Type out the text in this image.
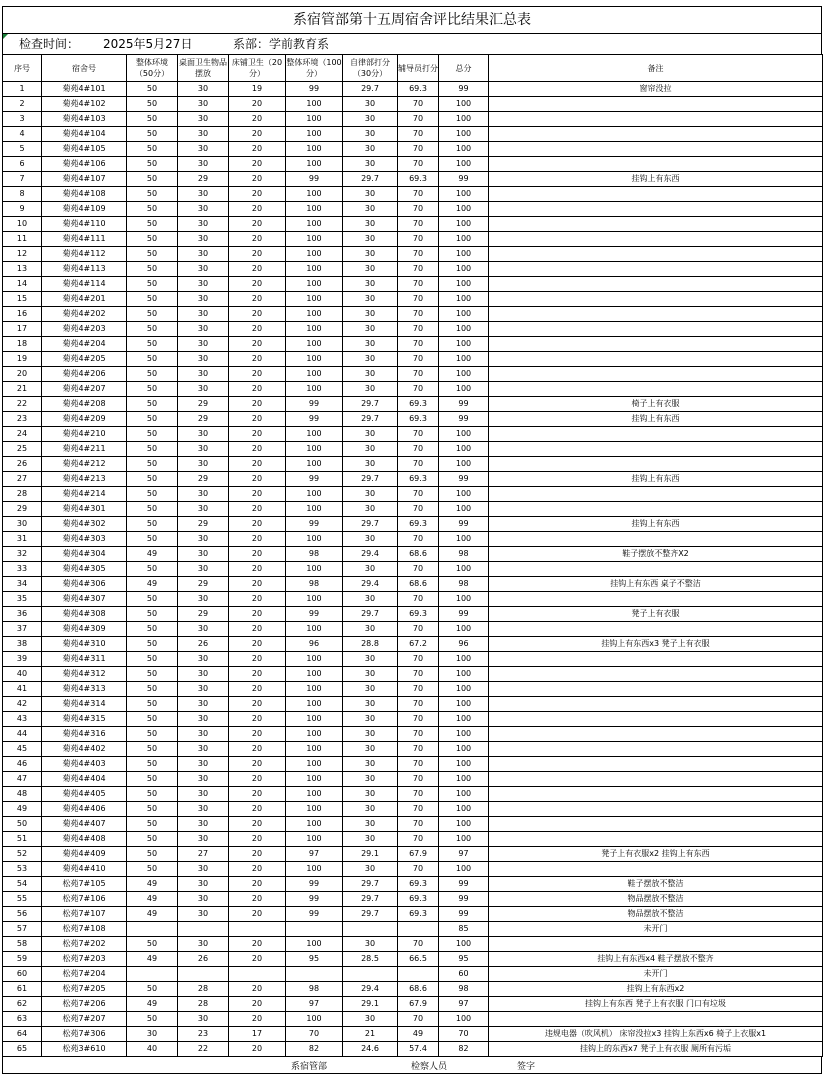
系宿管部第十五周宿舍评比结果汇总表
检查时间： 2025年5月27日	系部：学前教育系
序号	宿舍号	整体环境（50分）	桌面卫生物品摆放	床铺卫生（20分）	整体环境（100分）	自律部打分（30分）	辅导员打分	总分	备注
1	菊苑4#101	50	30	19	99	29.7	69.3	99	窗帘没拉
2	菊苑4#102	50	30	20	100	30	70	100	
3	菊苑4#103	50	30	20	100	30	70	100	
4	菊苑4#104	50	30	20	100	30	70	100	
5	菊苑4#105	50	30	20	100	30	70	100	
6	菊苑4#106	50	30	20	100	30	70	100	
7	菊苑4#107	50	29	20	99	29.7	69.3	99	挂钩上有东西
8	菊苑4#108	50	30	20	100	30	70	100	
9	菊苑4#109	50	30	20	100	30	70	100	
10	菊苑4#110	50	30	20	100	30	70	100	
11	菊苑4#111	50	30	20	100	30	70	100	
12	菊苑4#112	50	30	20	100	30	70	100	
13	菊苑4#113	50	30	20	100	30	70	100	
14	菊苑4#114	50	30	20	100	30	70	100	
15	菊苑4#201	50	30	20	100	30	70	100	
16	菊苑4#202	50	30	20	100	30	70	100	
17	菊苑4#203	50	30	20	100	30	70	100	
18	菊苑4#204	50	30	20	100	30	70	100	
19	菊苑4#205	50	30	20	100	30	70	100	
20	菊苑4#206	50	30	20	100	30	70	100	
21	菊苑4#207	50	30	20	100	30	70	100	
22	菊苑4#208	50	29	20	99	29.7	69.3	99	椅子上有衣服
23	菊苑4#209	50	29	20	99	29.7	69.3	99	挂钩上有东西
24	菊苑4#210	50	30	20	100	30	70	100	
25	菊苑4#211	50	30	20	100	30	70	100	
26	菊苑4#212	50	30	20	100	30	70	100	
27	菊苑4#213	50	29	20	99	29.7	69.3	99	挂钩上有东西
28	菊苑4#214	50	30	20	100	30	70	100	
29	菊苑4#301	50	30	20	100	30	70	100	
30	菊苑4#302	50	29	20	99	29.7	69.3	99	挂钩上有东西
31	菊苑4#303	50	30	20	100	30	70	100	
32	菊苑4#304	49	30	20	98	29.4	68.6	98	鞋子摆放不整齐X2
33	菊苑4#305	50	30	20	100	30	70	100	
34	菊苑4#306	49	29	20	98	29.4	68.6	98	挂钩上有东西 桌子不整洁
35	菊苑4#307	50	30	20	100	30	70	100	
36	菊苑4#308	50	29	20	99	29.7	69.3	99	凳子上有衣服
37	菊苑4#309	50	30	20	100	30	70	100	
38	菊苑4#310	50	26	20	96	28.8	67.2	96	挂钩上有东西x3 凳子上有衣服
39	菊苑4#311	50	30	20	100	30	70	100	
40	菊苑4#312	50	30	20	100	30	70	100	
41	菊苑4#313	50	30	20	100	30	70	100	
42	菊苑4#314	50	30	20	100	30	70	100	
43	菊苑4#315	50	30	20	100	30	70	100	
44	菊苑4#316	50	30	20	100	30	70	100	
45	菊苑4#402	50	30	20	100	30	70	100	
46	菊苑4#403	50	30	20	100	30	70	100	
47	菊苑4#404	50	30	20	100	30	70	100	
48	菊苑4#405	50	30	20	100	30	70	100	
49	菊苑4#406	50	30	20	100	30	70	100	
50	菊苑4#407	50	30	20	100	30	70	100	
51	菊苑4#408	50	30	20	100	30	70	100	
52	菊苑4#409	50	27	20	97	29.1	67.9	97	凳子上有衣服x2 挂钩上有东西
53	菊苑4#410	50	30	20	100	30	70	100	
54	松苑7#105	49	30	20	99	29.7	69.3	99	鞋子摆放不整洁
55	松苑7#106	49	30	20	99	29.7	69.3	99	物品摆放不整洁
56	松苑7#107	49	30	20	99	29.7	69.3	99	物品摆放不整洁
57	松苑7#108							85	未开门
58	松苑7#202	50	30	20	100	30	70	100	
59	松苑7#203	49	26	20	95	28.5	66.5	95	挂钩上有东西x4 鞋子摆放不整齐
60	松苑7#204							60	未开门
61	松苑7#205	50	28	20	98	29.4	68.6	98	挂钩上有东西x2
62	松苑7#206	49	28	20	97	29.1	67.9	97	挂钩上有东西 凳子上有衣服 门口有垃圾
63	松苑7#207	50	30	20	100	30	70	100	
64	松苑7#306	30	23	17	70	21	49	70	违规电器（吹风机） 床帘没拉x3 挂钩上东西x6 椅子上衣服x1
65	松苑3#610	40	22	20	82	24.6	57.4	82	挂钩上的东西x7 凳子上有衣服 厕所有污垢
系宿管部	检察人员	签字
